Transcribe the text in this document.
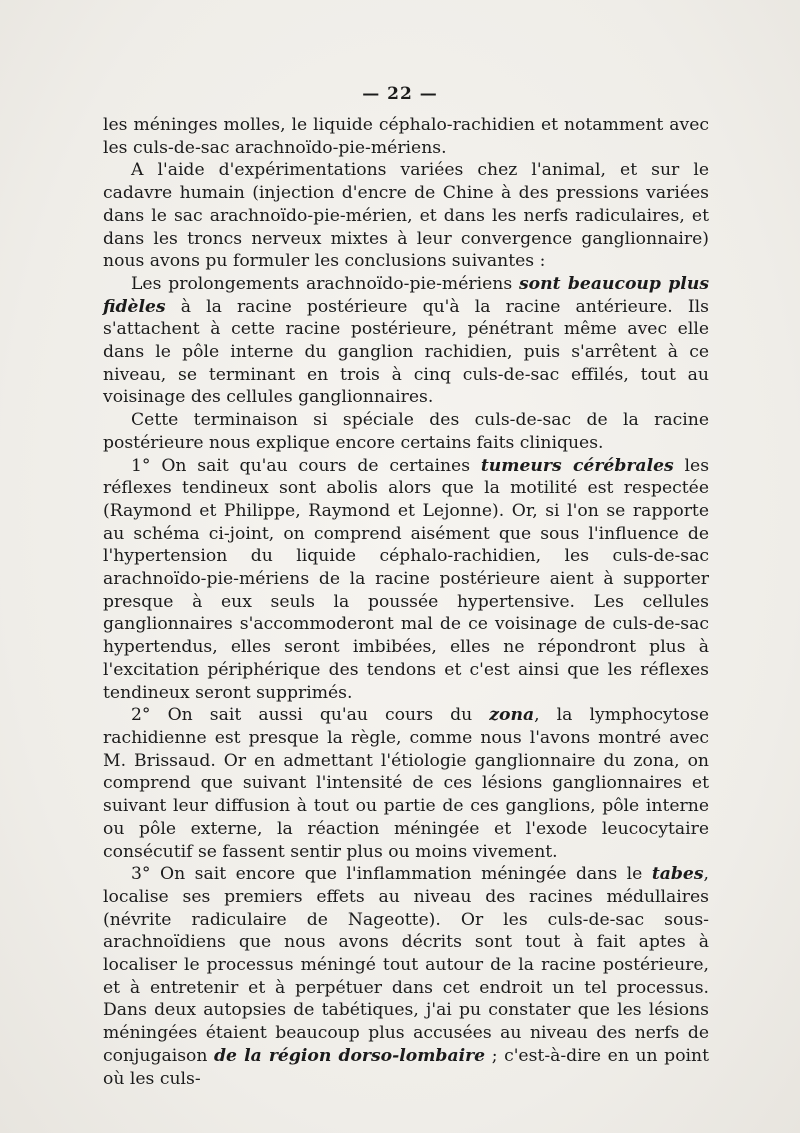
— 22 —

les méninges molles, le liquide céphalo-rachidien et notamment avec les culs-de-sac arachnoïdo-pie-mériens.

A l'aide d'expérimentations variées chez l'animal, et sur le cadavre humain (injection d'encre de Chine à des pressions variées dans le sac arachnoïdo-pie-mérien, et dans les nerfs radiculaires, et dans les troncs nerveux mixtes à leur convergence ganglionnaire) nous avons pu formuler les conclusions suivantes :

Les prolongements arachnoïdo-pie-mériens sont beaucoup plus fidèles à la racine postérieure qu'à la racine antérieure. Ils s'attachent à cette racine postérieure, pénétrant même avec elle dans le pôle interne du ganglion rachidien, puis s'arrêtent à ce niveau, se terminant en trois à cinq culs-de-sac effilés, tout au voisinage des cellules ganglionnaires.

Cette terminaison si spéciale des culs-de-sac de la racine postérieure nous explique encore certains faits cliniques.

1° On sait qu'au cours de certaines tumeurs cérébrales les réflexes tendineux sont abolis alors que la motilité est respectée (Raymond et Philippe, Raymond et Lejonne). Or, si l'on se rapporte au schéma ci-joint, on comprend aisément que sous l'influence de l'hypertension du liquide céphalo-rachidien, les culs-de-sac arachnoïdo-pie-mériens de la racine postérieure aient à supporter presque à eux seuls la poussée hypertensive. Les cellules ganglionnaires s'accommoderont mal de ce voisinage de culs-de-sac hypertendus, elles seront imbibées, elles ne répondront plus à l'excitation périphérique des tendons et c'est ainsi que les réflexes tendineux seront supprimés.

2° On sait aussi qu'au cours du zona, la lymphocytose rachidienne est presque la règle, comme nous l'avons montré avec M. Brissaud. Or en admettant l'étiologie ganglionnaire du zona, on comprend que suivant l'intensité de ces lésions ganglionnaires et suivant leur diffusion à tout ou partie de ces ganglions, pôle interne ou pôle externe, la réaction méningée et l'exode leucocytaire consécutif se fassent sentir plus ou moins vivement.

3° On sait encore que l'inflammation méningée dans le tabes, localise ses premiers effets au niveau des racines médullaires (névrite radiculaire de Nageotte). Or les culs-de-sac sous-arachnoïdiens que nous avons décrits sont tout à fait aptes à localiser le processus méningé tout autour de la racine postérieure, et à entretenir et à perpétuer dans cet endroit un tel processus. Dans deux autopsies de tabétiques, j'ai pu constater que les lésions méningées étaient beaucoup plus accusées au niveau des nerfs de conjugaison de la région dorso-lombaire ; c'est-à-dire en un point où les culs-
